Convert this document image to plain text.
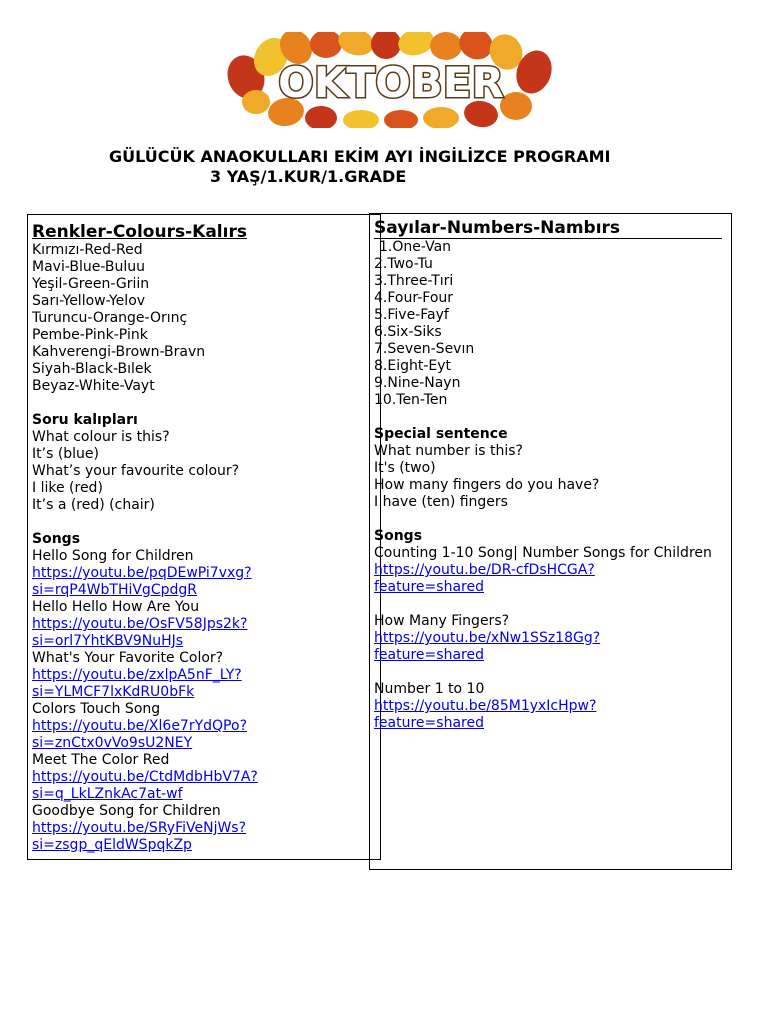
OKTOBER
GÜLÜCÜK ANAOKULLARI EKİM AYI İNGİLİZCE PROGRAMI
3 YAŞ/1.KUR/1.GRADE
Renkler-Colours-Kalırs
Kırmızı-Red-Red
Mavi-Blue-Buluu
Yeşil-Green-Griin
Sarı-Yellow-Yelov
Turuncu-Orange-Orınç
Pembe-Pink-Pink
Kahverengi-Brown-Bravn
Siyah-Black-Bılek
Beyaz-White-Vayt
Soru kalıpları
What colour is this?
It’s (blue)
What’s your favourite colour?
I like (red)
It’s a (red) (chair)
Songs
Hello Song for Children
https://youtu.be/pqDEwPi7vxg?
si=rqP4WbTHiVgCpdgR
Hello Hello How Are You
https://youtu.be/OsFV58Jps2k?
si=orl7YhtKBV9NuHJs
What's Your Favorite Color?
https://youtu.be/zxlpA5nF_LY?
si=YLMCF7lxKdRU0bFk
Colors Touch Song
https://youtu.be/Xl6e7rYdQPo?
si=znCtx0vVo9sU2NEY
Meet The Color Red
https://youtu.be/CtdMdbHbV7A?
si=q_LkLZnkAc7at-wf
Goodbye Song for Children
https://youtu.be/SRyFiVeNjWs?
si=zsgp_qEldWSpqkZp
Sayılar-Numbers-Nambırs
1.One-Van
2.Two-Tu
3.Three-Tıri
4.Four-Four
5.Five-Fayf
6.Six-Siks
7.Seven-Sevın
8.Eight-Eyt
9.Nine-Nayn
10.Ten-Ten
Special sentence
What number is this?
It's (two)
How many fingers do you have?
I have (ten) fingers
Songs
Counting 1-10 Song| Number Songs for Children
https://youtu.be/DR-cfDsHCGA?
feature=shared
How Many Fingers?
https://youtu.be/xNw1SSz18Gg?
feature=shared
Number 1 to 10
https://youtu.be/85M1yxIcHpw?
feature=shared
